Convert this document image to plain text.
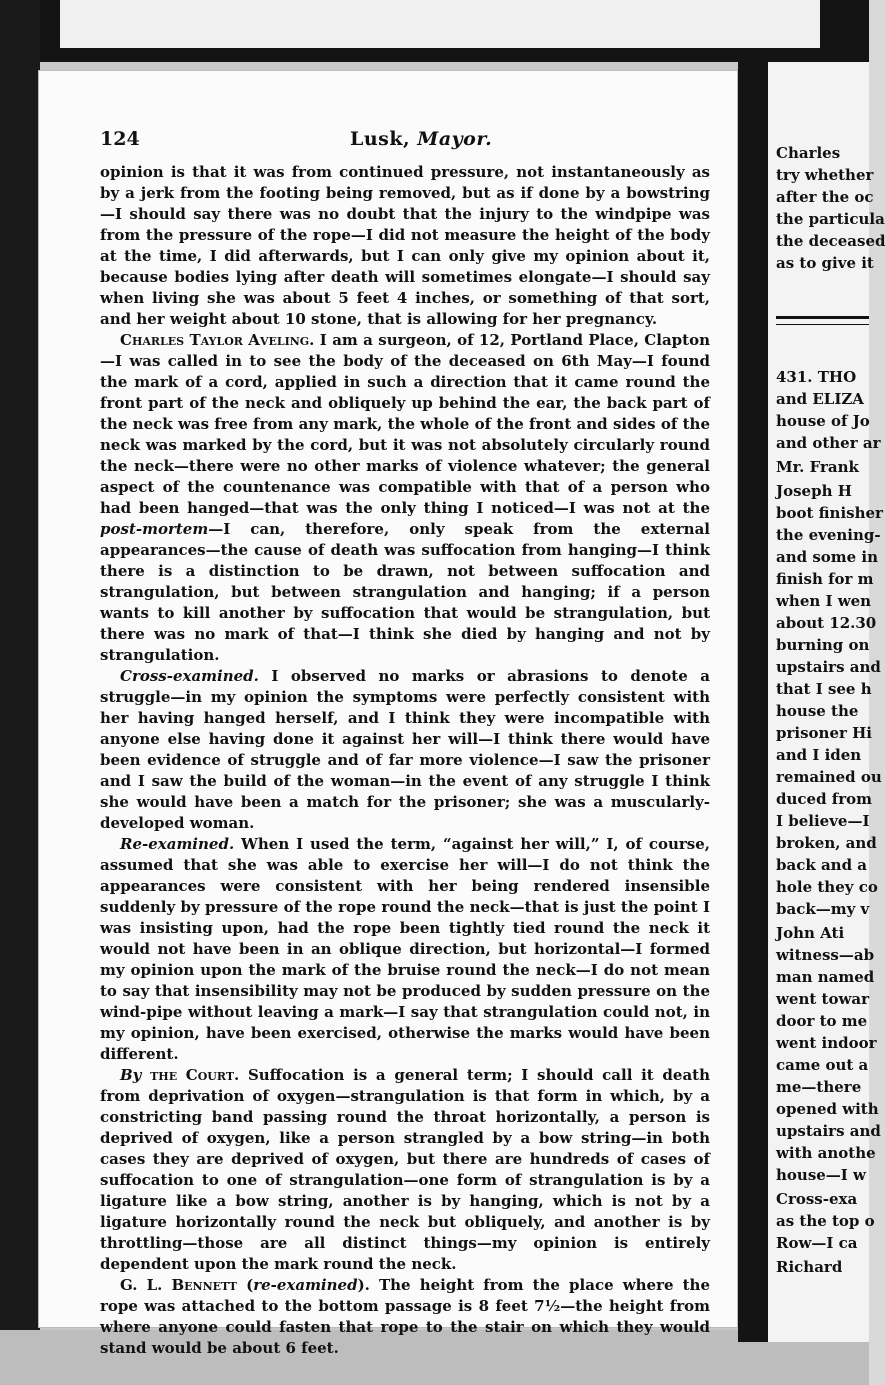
124	Lusk, Mayor.

opinion is that it was from continued pressure, not instantaneously as by a jerk from the footing being removed, but as if done by a bowstring—I should say there was no doubt that the injury to the windpipe was from the pressure of the rope—I did not measure the height of the body at the time, I did afterwards, but I can only give my opinion about it, because bodies lying after death will sometimes elongate—I should say when living she was about 5 feet 4 inches, or something of that sort, and her weight about 10 stone, that is allowing for her pregnancy.

Charles Taylor Aveling. I am a surgeon, of 12, Portland Place, Clapton—I was called in to see the body of the deceased on 6th May—I found the mark of a cord, applied in such a direction that it came round the front part of the neck and obliquely up behind the ear, the back part of the neck was free from any mark, the whole of the front and sides of the neck was marked by the cord, but it was not absolutely circularly round the neck—there were no other marks of violence whatever; the general aspect of the countenance was compatible with that of a person who had been hanged—that was the only thing I noticed—I was not at the post-mortem—I can, therefore, only speak from the external appearances—the cause of death was suffocation from hanging—I think there is a distinction to be drawn, not between suffocation and strangulation, but between strangulation and hanging; if a person wants to kill another by suffocation that would be strangulation, but there was no mark of that—I think she died by hanging and not by strangulation.

Cross-examined. I observed no marks or abrasions to denote a struggle—in my opinion the symptoms were perfectly consistent with her having hanged herself, and I think they were incompatible with anyone else having done it against her will—I think there would have been evidence of struggle and of far more violence—I saw the prisoner and I saw the build of the woman—in the event of any struggle I think she would have been a match for the prisoner; she was a muscularly-developed woman.

Re-examined. When I used the term, “against her will,” I, of course, assumed that she was able to exercise her will—I do not think the appearances were consistent with her being rendered insensible suddenly by pressure of the rope round the neck—that is just the point I was insisting upon, had the rope been tightly tied round the neck it would not have been in an oblique direction, but horizontal—I formed my opinion upon the mark of the bruise round the neck—I do not mean to say that insensibility may not be produced by sudden pressure on the wind-pipe without leaving a mark—I say that strangulation could not, in my opinion, have been exercised, otherwise the marks would have been different.

By the Court. Suffocation is a general term; I should call it death from deprivation of oxygen—strangulation is that form in which, by a constricting band passing round the throat horizontally, a person is deprived of oxygen, like a person strangled by a bow string—in both cases they are deprived of oxygen, but there are hundreds of cases of suffocation to one of strangulation—one form of strangulation is by a ligature like a bow string, another is by hanging, which is not by a ligature horizontally round the neck but obliquely, and another is by throttling—those are all distinct things—my opinion is entirely dependent upon the mark round the neck.

G. L. Bennett (re-examined). The height from the place where the rope was attached to the bottom passage is 8 feet 7½—the height from where anyone could fasten that rope to the stair on which they would stand would be about 6 feet.

Charles
try whether
after the oc
the particula
the deceased
as to give it
431. THO
and ELIZA
house of Jo
and other ar
Mr. Frank
Joseph H
boot finisher
the evening-
and some in
finish for m
when I wen
about 12.30
burning on
upstairs and
that I see h
house the
prisoner Hi
and I iden
remained ou
duced from
I believe—I
broken, and
back and a
hole they co
back—my v
John Ati
witness—ab
man named
went towar
door to me
went indoor
came out a
me—there
opened with
upstairs and
with anothe
house—I w
Cross-exa
as the top o
Row—I ca
Richard
